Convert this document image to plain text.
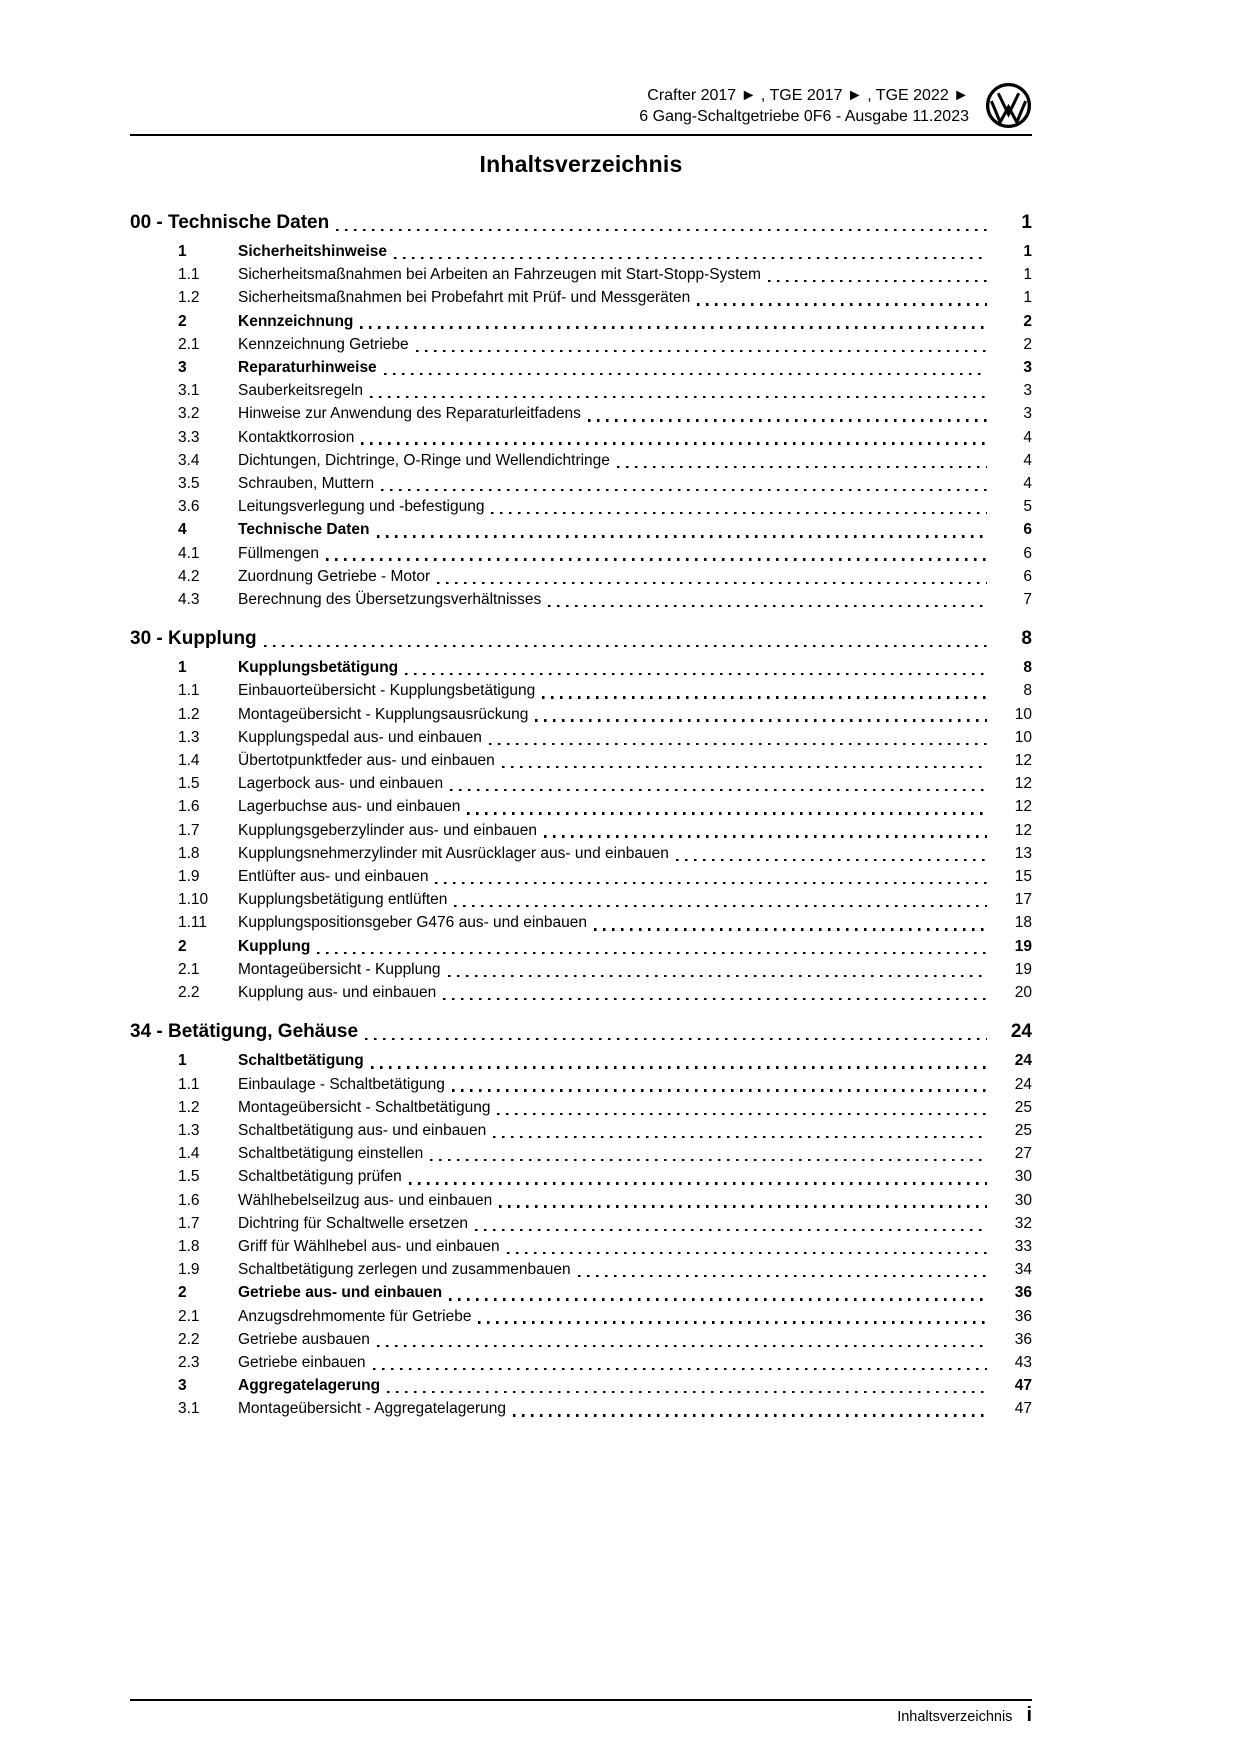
Crafter 2017 ► , TGE 2017 ► , TGE 2022 ►
6 Gang-Schaltgetriebe 0F6 - Ausgabe 11.2023
Inhaltsverzeichnis
00 - Technische Daten	1
1	Sicherheitshinweise	1
1.1	Sicherheitsmaßnahmen bei Arbeiten an Fahrzeugen mit Start-Stopp-System	1
1.2	Sicherheitsmaßnahmen bei Probefahrt mit Prüf- und Messgeräten	1
2	Kennzeichnung	2
2.1	Kennzeichnung Getriebe	2
3	Reparaturhinweise	3
3.1	Sauberkeitsregeln	3
3.2	Hinweise zur Anwendung des Reparaturleitfadens	3
3.3	Kontaktkorrosion	4
3.4	Dichtungen, Dichtringe, O-Ringe und Wellendichtringe	4
3.5	Schrauben, Muttern	4
3.6	Leitungsverlegung und -befestigung	5
4	Technische Daten	6
4.1	Füllmengen	6
4.2	Zuordnung Getriebe - Motor	6
4.3	Berechnung des Übersetzungsverhältnisses	7
30 - Kupplung	8
1	Kupplungsbetätigung	8
1.1	Einbauorteübersicht - Kupplungsbetätigung	8
1.2	Montageübersicht - Kupplungsausrückung	10
1.3	Kupplungspedal aus- und einbauen	10
1.4	Übertotpunktfeder aus- und einbauen	12
1.5	Lagerbock aus- und einbauen	12
1.6	Lagerbuchse aus- und einbauen	12
1.7	Kupplungsgeberzylinder aus- und einbauen	12
1.8	Kupplungsnehmerzylinder mit Ausrücklager aus- und einbauen	13
1.9	Entlüfter aus- und einbauen	15
1.10	Kupplungsbetätigung entlüften	17
1.11	Kupplungspositionsgeber G476 aus- und einbauen	18
2	Kupplung	19
2.1	Montageübersicht - Kupplung	19
2.2	Kupplung aus- und einbauen	20
34 - Betätigung, Gehäuse	24
1	Schaltbetätigung	24
1.1	Einbaulage - Schaltbetätigung	24
1.2	Montageübersicht - Schaltbetätigung	25
1.3	Schaltbetätigung aus- und einbauen	25
1.4	Schaltbetätigung einstellen	27
1.5	Schaltbetätigung prüfen	30
1.6	Wählhebelseilzug aus- und einbauen	30
1.7	Dichtring für Schaltwelle ersetzen	32
1.8	Griff für Wählhebel aus- und einbauen	33
1.9	Schaltbetätigung zerlegen und zusammenbauen	34
2	Getriebe aus- und einbauen	36
2.1	Anzugsdrehmomente für Getriebe	36
2.2	Getriebe ausbauen	36
2.3	Getriebe einbauen	43
3	Aggregatelagerung	47
3.1	Montageübersicht - Aggregatelagerung	47
Inhaltsverzeichnis i
